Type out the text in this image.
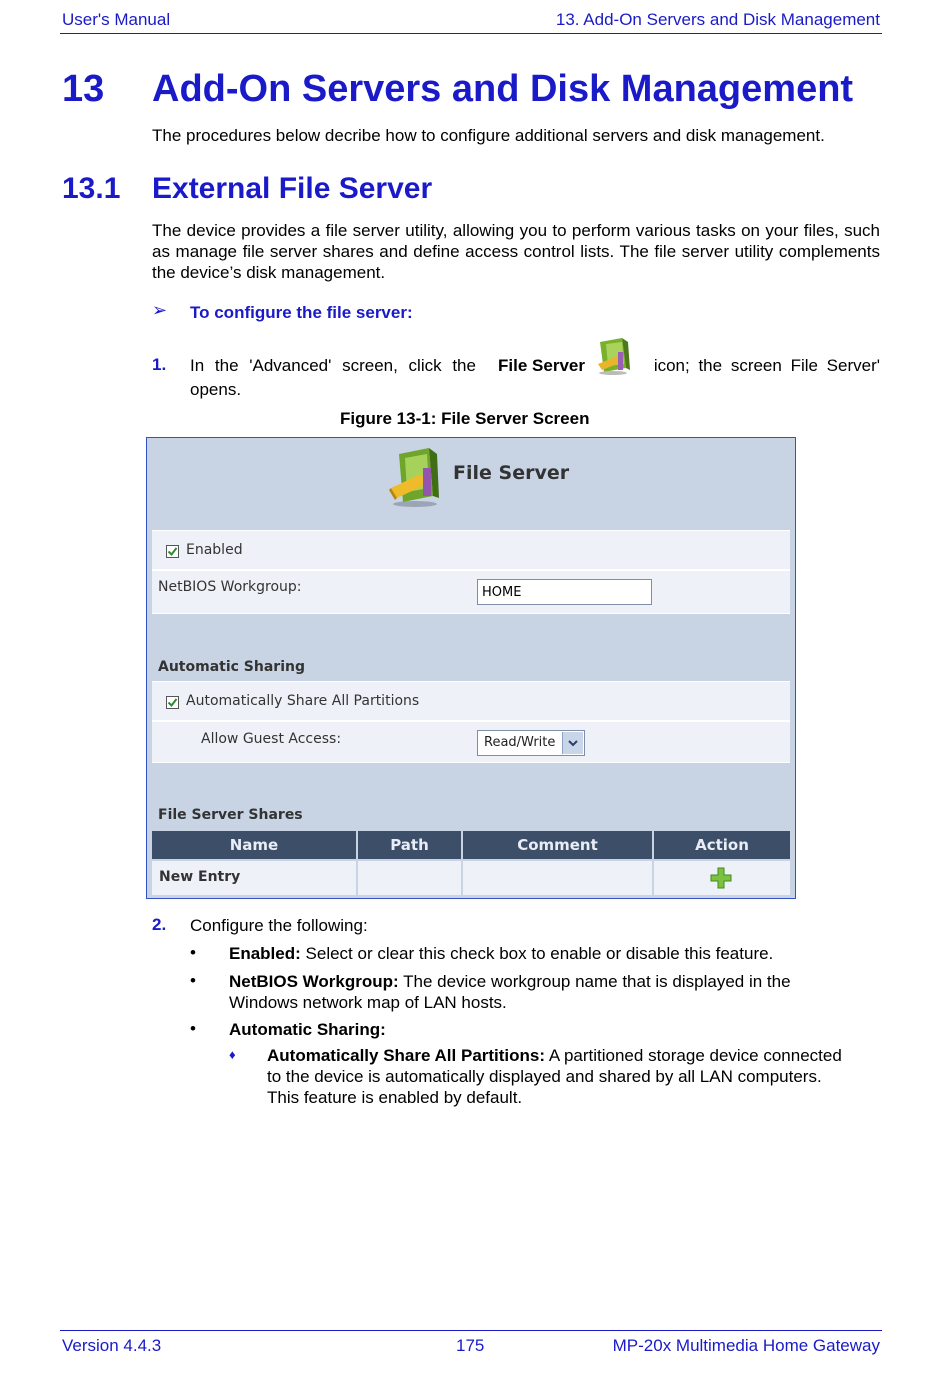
User's Manual	13. Add-On Servers and Disk Management
13 Add-On Servers and Disk Management
The procedures below decribe how to configure additional servers and disk management.
13.1 External File Server
The device provides a file server utility, allowing you to perform various tasks on your files, such as manage file server shares and define access control lists. The file server utility complements the device’s disk management.
➢ To configure the file server:
1. In the 'Advanced' screen, click the File Server	icon; the screen File Server'
opens.
Figure 13-1: File Server Screen
File Server
Enabled
NetBIOS Workgroup:
HOME
Automatic Sharing
Automatically Share All Partitions
Allow Guest Access:	Read/Write
File Server Shares
Name	Path	Comment	Action
New Entry
2. Configure the following:
• Enabled: Select or clear this check box to enable or disable this feature.
• NetBIOS Workgroup: The device workgroup name that is displayed in the
Windows network map of LAN hosts.
• Automatic Sharing:
♦ Automatically Share All Partitions: A partitioned storage device connected
to the device is automatically displayed and shared by all LAN computers.
This feature is enabled by default.
Version 4.4.3	175	MP-20x Multimedia Home Gateway
